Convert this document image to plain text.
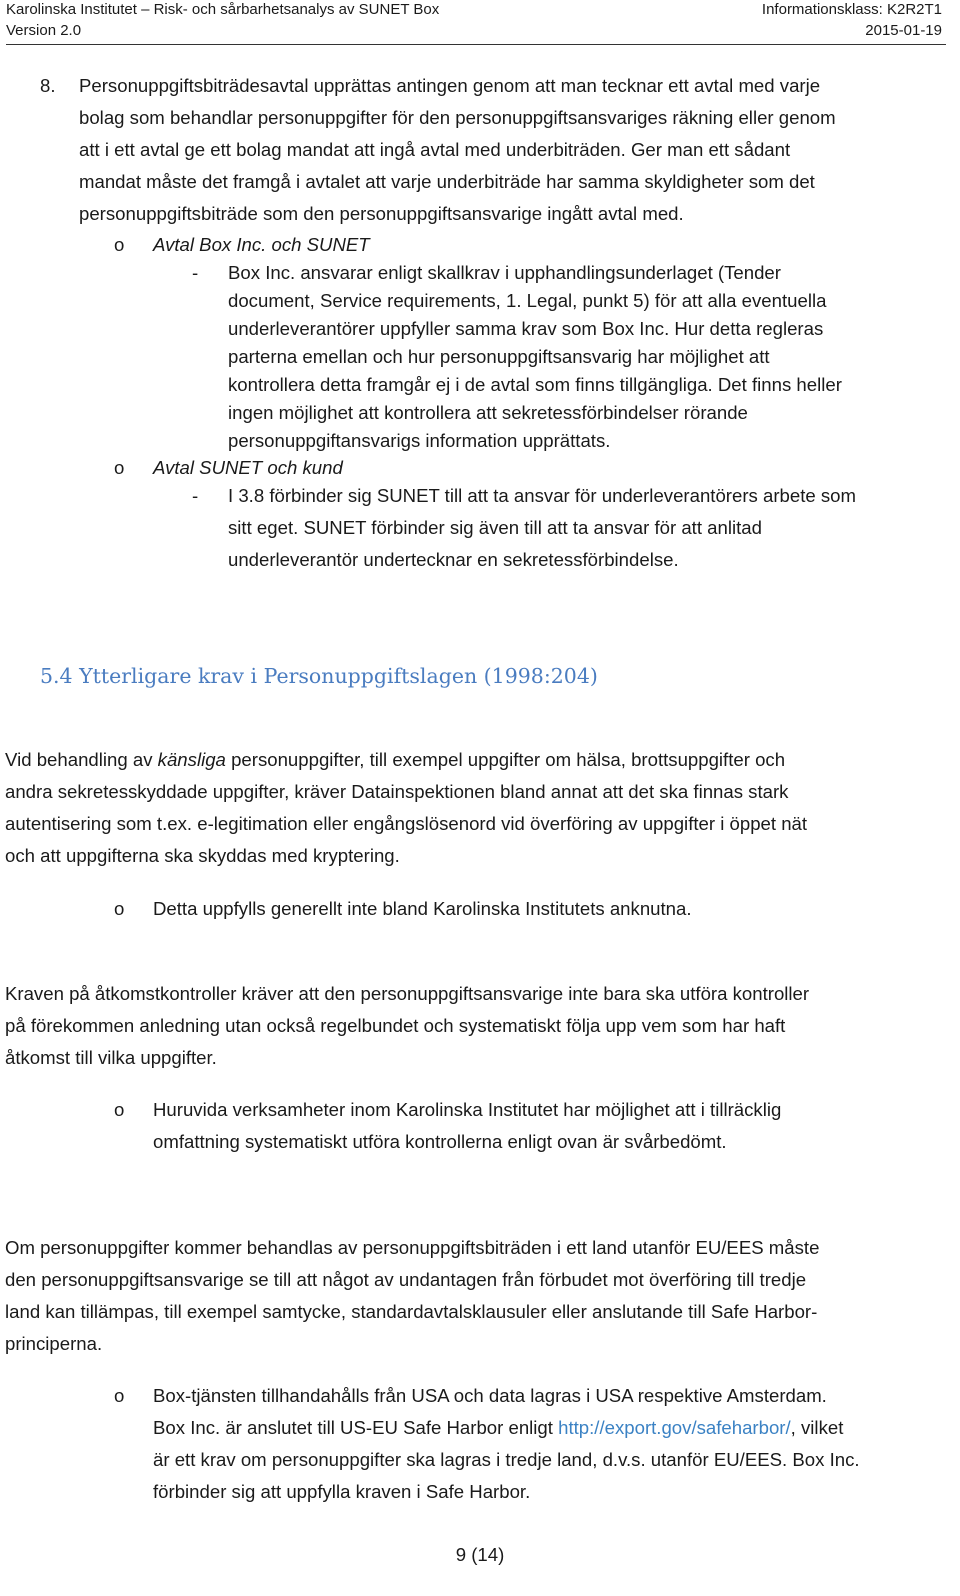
Karolinska Institutet – Risk- och sårbarhetsanalys av SUNET Box	Informationsklass: K2R2T1
Version 2.0	2015-01-19
8. Personuppgiftsbiträdesavtal upprättas antingen genom att man tecknar ett avtal med varje
bolag som behandlar personuppgifter för den personuppgiftsansvariges räkning eller genom
att i ett avtal ge ett bolag mandat att ingå avtal med underbiträden. Ger man ett sådant
mandat måste det framgå i avtalet att varje underbiträde har samma skyldigheter som det
personuppgiftsbiträde som den personuppgiftsansvarige ingått avtal med.
o Avtal Box Inc. och SUNET
- Box Inc. ansvarar enligt skallkrav i upphandlingsunderlaget (Tender
document, Service requirements, 1. Legal, punkt 5) för att alla eventuella
underleverantörer uppfyller samma krav som Box Inc. Hur detta regleras
parterna emellan och hur personuppgiftsansvarig har möjlighet att
kontrollera detta framgår ej i de avtal som finns tillgängliga. Det finns heller
ingen möjlighet att kontrollera att sekretessförbindelser rörande
personuppgiftansvarigs information upprättats.
o Avtal SUNET och kund
- I 3.8 förbinder sig SUNET till att ta ansvar för underleverantörers arbete som
sitt eget. SUNET förbinder sig även till att ta ansvar för att anlitad
underleverantör undertecknar en sekretessförbindelse.
5.4 Ytterligare krav i Personuppgiftslagen (1998:204)
Vid behandling av känsliga personuppgifter, till exempel uppgifter om hälsa, brottsuppgifter och
andra sekretesskyddade uppgifter, kräver Datainspektionen bland annat att det ska finnas stark
autentisering som t.ex. e-legitimation eller engångslösenord vid överföring av uppgifter i öppet nät
och att uppgifterna ska skyddas med kryptering.
o Detta uppfylls generellt inte bland Karolinska Institutets anknutna.
Kraven på åtkomstkontroller kräver att den personuppgiftsansvarige inte bara ska utföra kontroller
på förekommen anledning utan också regelbundet och systematiskt följa upp vem som har haft
åtkomst till vilka uppgifter.
o Huruvida verksamheter inom Karolinska Institutet har möjlighet att i tillräcklig
omfattning systematiskt utföra kontrollerna enligt ovan är svårbedömt.
Om personuppgifter kommer behandlas av personuppgiftsbiträden i ett land utanför EU/EES måste
den personuppgiftsansvarige se till att något av undantagen från förbudet mot överföring till tredje
land kan tillämpas, till exempel samtycke, standardavtalsklausuler eller anslutande till Safe Harbor-
principerna.
o Box-tjänsten tillhandahålls från USA och data lagras i USA respektive Amsterdam.
Box Inc. är anslutet till US-EU Safe Harbor enligt http://export.gov/safeharbor/, vilket
är ett krav om personuppgifter ska lagras i tredje land, d.v.s. utanför EU/EES. Box Inc.
förbinder sig att uppfylla kraven i Safe Harbor.
9 (14)
